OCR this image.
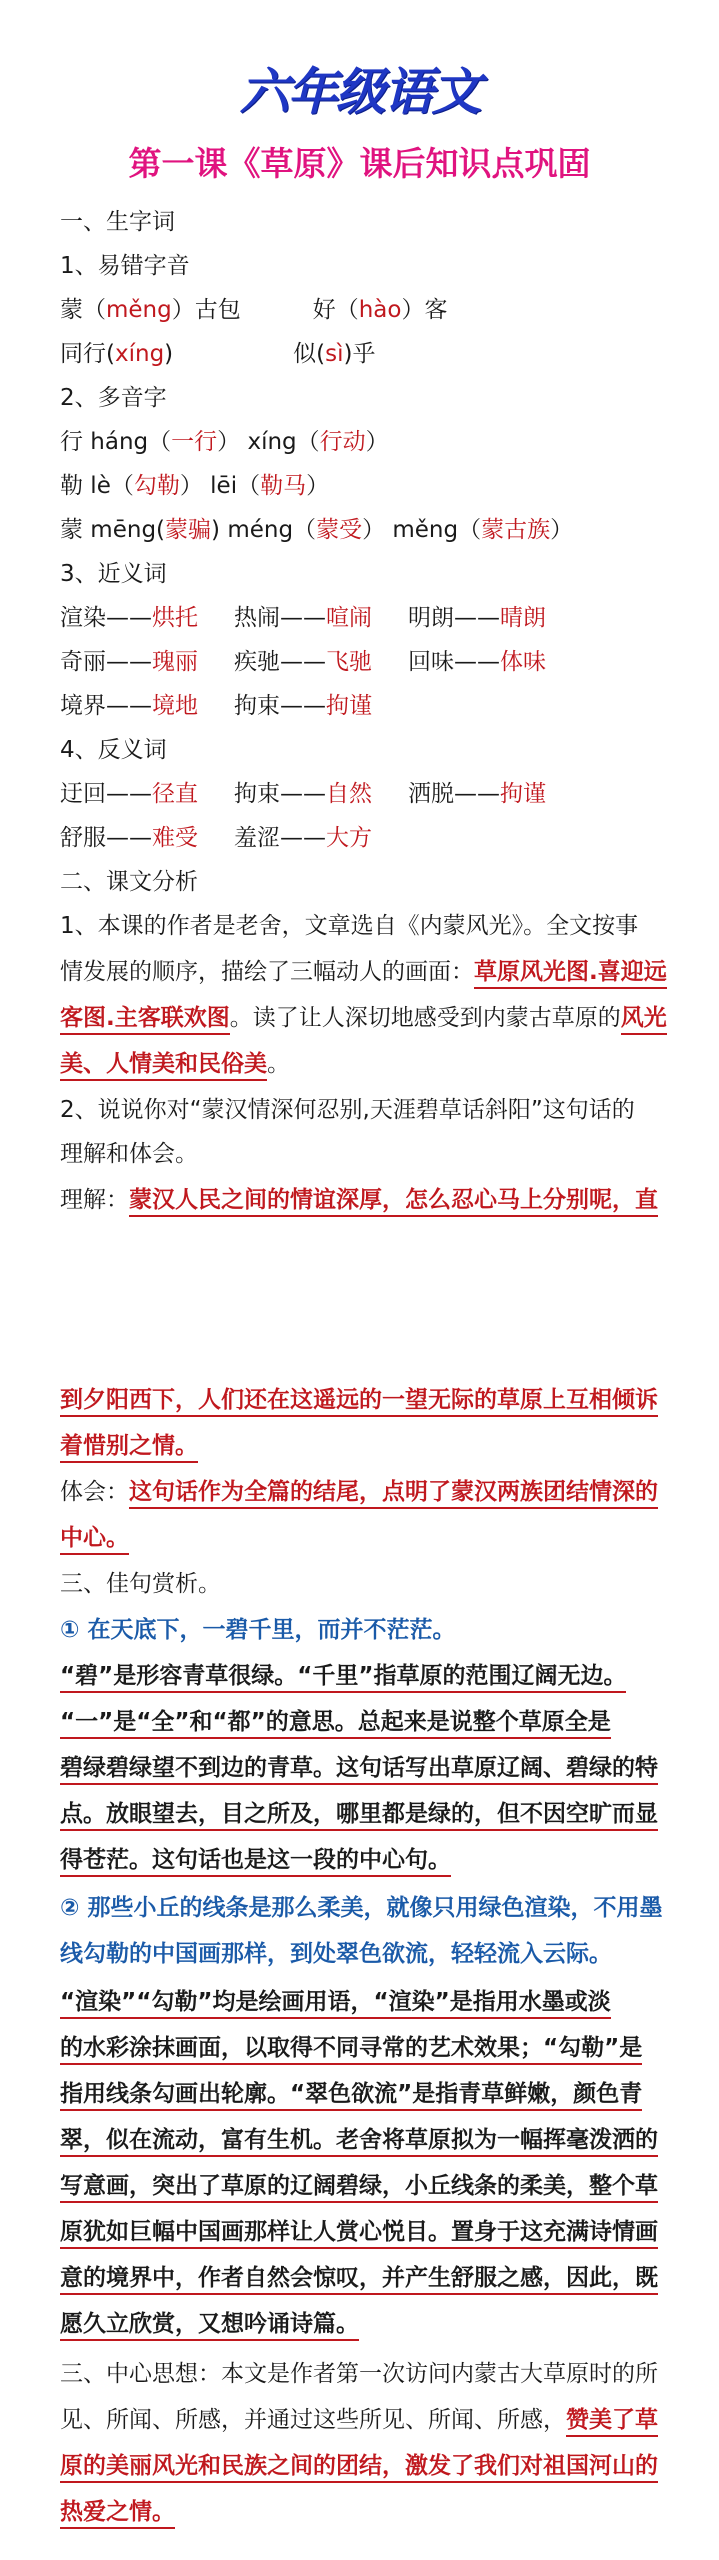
六年级语文
第一课《草原》课后知识点巩固
一、生字词
1、易错字音
蒙（měng）古包	好（hào）客
同行(xíng)	似(sì)乎
2、多音字
行 háng（一行） xíng（行动）
勒 lè（勾勒） lēi（勒马）
蒙 mēng(蒙骗) méng（蒙受） měng（蒙古族）
3、近义词
渲染——烘托 热闹——喧闹 明朗——晴朗
奇丽——瑰丽 疾驰——飞驰 回味——体味
境界——境地 拘束——拘谨
4、反义词
迂回——径直 拘束——自然 洒脱——拘谨
舒服——难受 羞涩——大方
二、课文分析
1、本课的作者是老舍，文章选自《内蒙风光》。全文按事
情发展的顺序，描绘了三幅动人的画面：草原风光图.喜迎远
客图.主客联欢图。读了让人深切地感受到内蒙古草原的风光
美、人情美和民俗美。
2、说说你对“蒙汉情深何忍别,天涯碧草话斜阳”这句话的
理解和体会。
理解：蒙汉人民之间的情谊深厚，怎么忍心马上分别呢，直
到夕阳西下，人们还在这遥远的一望无际的草原上互相倾诉
着惜别之情。
体会：这句话作为全篇的结尾，点明了蒙汉两族团结情深的
中心。
三、佳句赏析。
① 在天底下，一碧千里，而并不茫茫。
“碧”是形容青草很绿。“千里”指草原的范围辽阔无边。
“一”是“全”和“都”的意思。总起来是说整个草原全是
碧绿碧绿望不到边的青草。这句话写出草原辽阔、碧绿的特
点。放眼望去，目之所及，哪里都是绿的，但不因空旷而显
得苍茫。这句话也是这一段的中心句。
② 那些小丘的线条是那么柔美，就像只用绿色渲染，不用墨
线勾勒的中国画那样，到处翠色欲流，轻轻流入云际。
“渲染”“勾勒”均是绘画用语，“渲染”是指用水墨或淡
的水彩涂抹画面，以取得不同寻常的艺术效果；“勾勒”是
指用线条勾画出轮廓。“翠色欲流”是指青草鲜嫩，颜色青
翠，似在流动，富有生机。老舍将草原拟为一幅挥毫泼洒的
写意画，突出了草原的辽阔碧绿，小丘线条的柔美，整个草
原犹如巨幅中国画那样让人赏心悦目。置身于这充满诗情画
意的境界中，作者自然会惊叹，并产生舒服之感，因此，既
愿久立欣赏，又想吟诵诗篇。
三、中心思想：本文是作者第一次访问内蒙古大草原时的所
见、所闻、所感，并通过这些所见、所闻、所感，赞美了草
原的美丽风光和民族之间的团结，激发了我们对祖国河山的
热爱之情。
